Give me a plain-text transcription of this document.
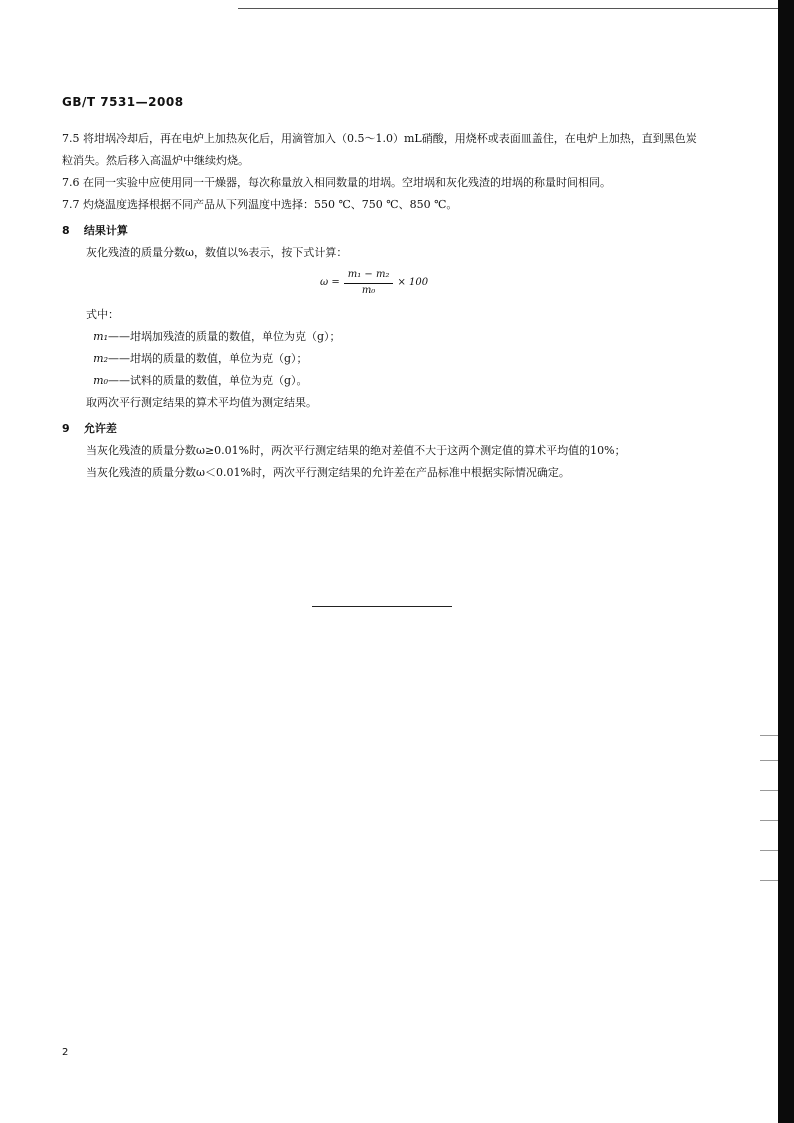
GB/T 7531—2008

7.5 将坩埚冷却后，再在电炉上加热灰化后，用滴管加入（0.5～1.0）mL硝酸，用烧杯或表面皿盖住，在电炉上加热，直到黑色炭粒消失。然后移入高温炉中继续灼烧。

7.6 在同一实验中应使用同一干燥器，每次称量放入相同数量的坩埚。空坩埚和灰化残渣的坩埚的称量时间相同。

7.7 灼烧温度选择根据不同产品从下列温度中选择：550 ℃、750 ℃、850 ℃。

8 结果计算

灰化残渣的质量分数ω，数值以%表示，按下式计算：

$\omega = \frac{\text{m₁ − m₂}}{\text{m₀}} \times 100$

式中：

m₁——坩埚加残渣的质量的数值，单位为克（g）；

m₂——坩埚的质量的数值，单位为克（g）；

m₀——试料的质量的数值，单位为克（g）。

取两次平行测定结果的算术平均值为测定结果。

9 允许差

当灰化残渣的质量分数ω≥0.01%时，两次平行测定结果的绝对差值不大于这两个测定值的算术平均值的10%；

当灰化残渣的质量分数ω＜0.01%时，两次平行测定结果的允许差在产品标准中根据实际情况确定。

2
